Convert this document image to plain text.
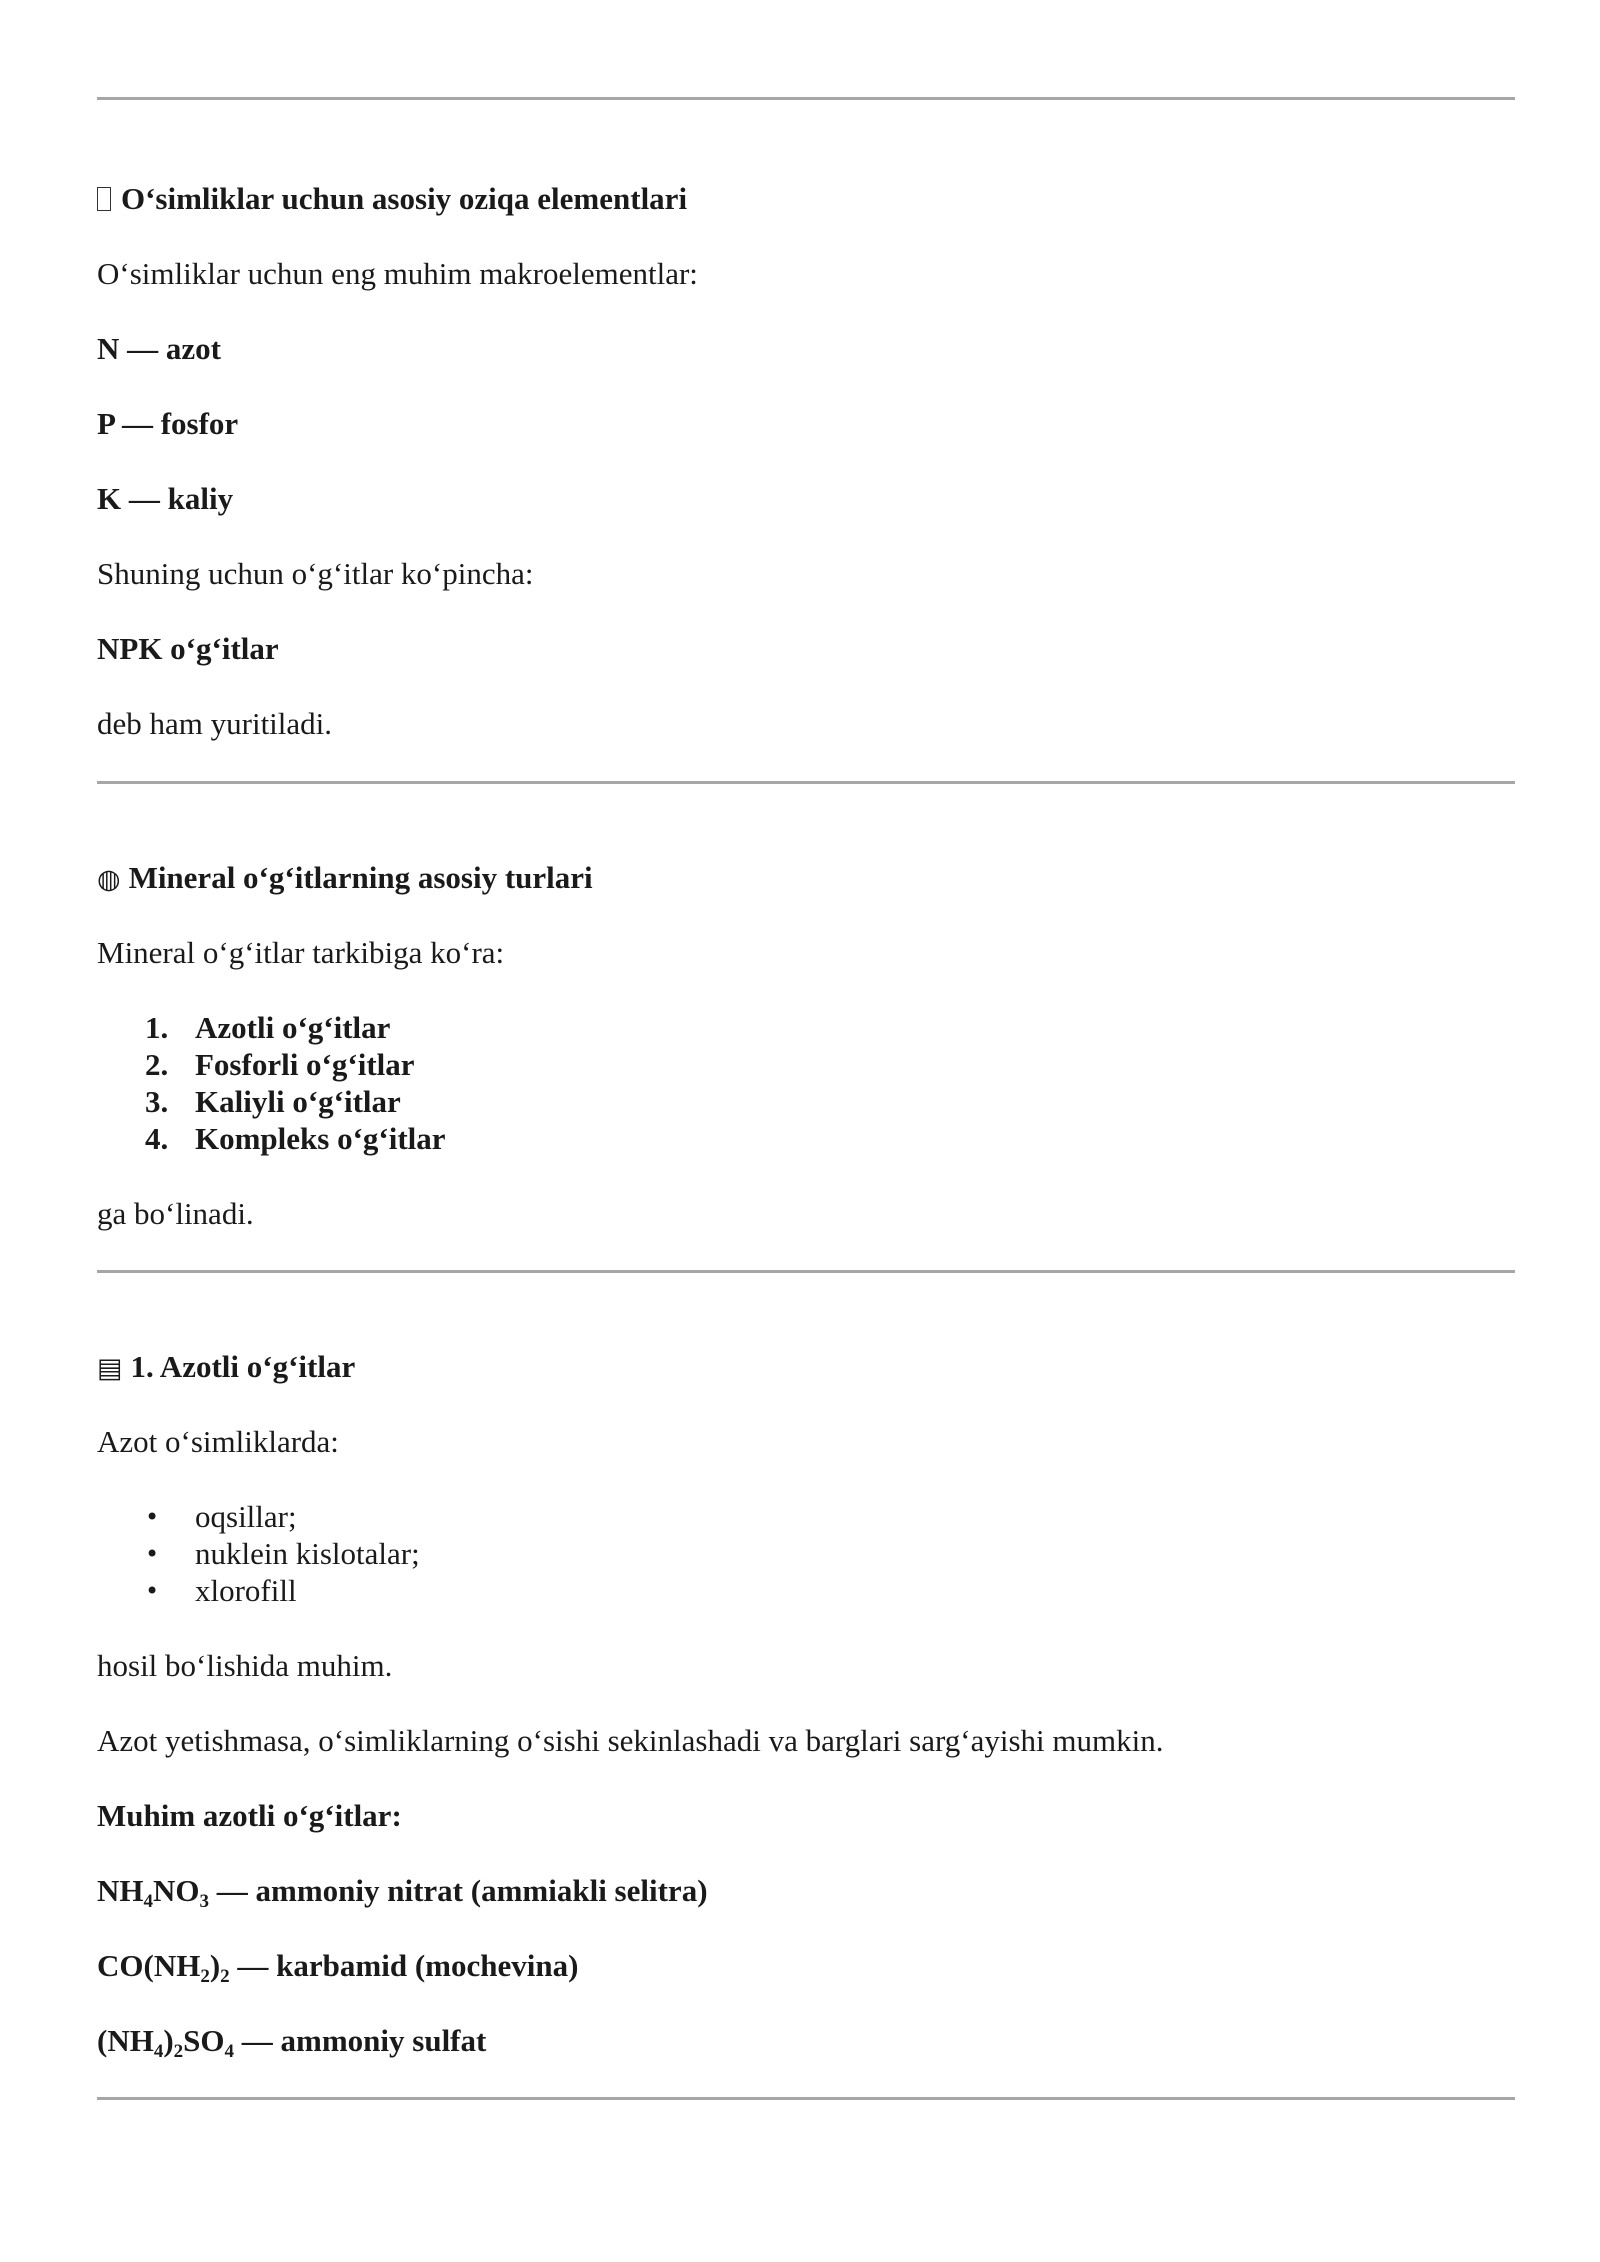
O‘simliklar uchun asosiy oziqa elementlari
O‘simliklar uchun eng muhim makroelementlar:
N — azot
P — fosfor
K — kaliy
Shuning uchun o‘g‘itlar ko‘pincha:
NPK o‘g‘itlar
deb ham yuritiladi.
◍ Mineral o‘g‘itlarning asosiy turlari
Mineral o‘g‘itlar tarkibiga ko‘ra:
1. Azotli o‘g‘itlar
2. Fosforli o‘g‘itlar
3. Kaliyli o‘g‘itlar
4. Kompleks o‘g‘itlar
ga bo‘linadi.
▤ 1. Azotli o‘g‘itlar
Azot o‘simliklarda:
• oqsillar;
• nuklein kislotalar;
• xlorofill
hosil bo‘lishida muhim.
Azot yetishmasa, o‘simliklarning o‘sishi sekinlashadi va barglari sarg‘ayishi mumkin.
Muhim azotli o‘g‘itlar:
$NH_4NO_3$ — ammoniy nitrat (ammiakli selitra)
$CO(NH_2)_2$ — karbamid (mochevina)
$(NH_4)_2SO_4$ — ammoniy sulfat
